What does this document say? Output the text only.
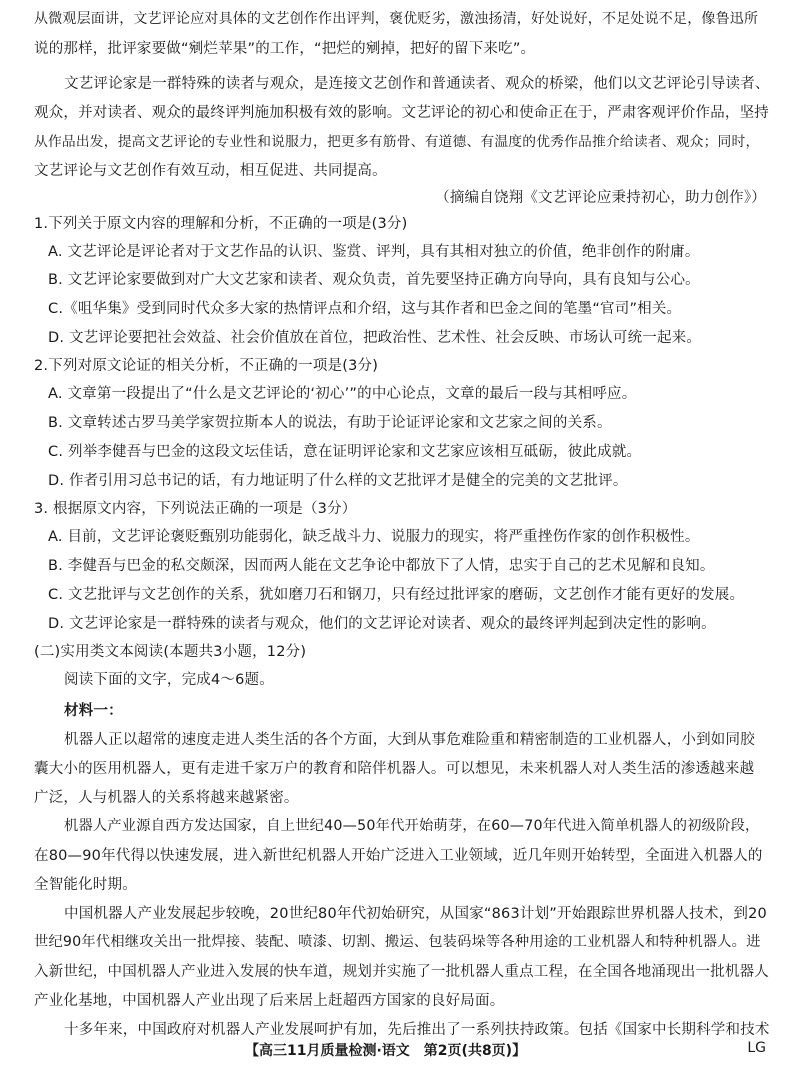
从微观层面讲，文艺评论应对具体的文艺创作作出评判，褒优贬劣，激浊扬清，好处说好，不足处说不足，像鲁迅所
说的那样，批评家要做“剜烂苹果”的工作，“把烂的剜掉，把好的留下来吃”。
文艺评论家是一群特殊的读者与观众，是连接文艺创作和普通读者、观众的桥梁，他们以文艺评论引导读者、
观众，并对读者、观众的最终评判施加积极有效的影响。文艺评论的初心和使命正在于，严肃客观评价作品，坚持
从作品出发，提高文艺评论的专业性和说服力，把更多有筋骨、有道德、有温度的优秀作品推介给读者、观众；同时，
文艺评论与文艺创作有效互动，相互促进、共同提高。
（摘编自饶翔《文艺评论应秉持初心，助力创作》）
1.下列关于原文内容的理解和分析，不正确的一项是(3分)
A. 文艺评论是评论者对于文艺作品的认识、鉴赏、评判，具有其相对独立的价值，绝非创作的附庸。
B. 文艺评论家要做到对广大文艺家和读者、观众负责，首先要坚持正确方向导向，具有良知与公心。
C.《咀华集》受到同时代众多大家的热情评点和介绍，这与其作者和巴金之间的笔墨“官司”相关。
D. 文艺评论要把社会效益、社会价值放在首位，把政治性、艺术性、社会反映、市场认可统一起来。
2.下列对原文论证的相关分析，不正确的一项是(3分)
A. 文章第一段提出了“什么是文艺评论的‘初心’”的中心论点，文章的最后一段与其相呼应。
B. 文章转述古罗马美学家贺拉斯本人的说法，有助于论证评论家和文艺家之间的关系。
C. 列举李健吾与巴金的这段文坛佳话，意在证明评论家和文艺家应该相互砥砺，彼此成就。
D. 作者引用习总书记的话，有力地证明了什么样的文艺批评才是健全的完美的文艺批评。
3. 根据原文内容，下列说法正确的一项是（3分）
A. 目前，文艺评论褒贬甄别功能弱化，缺乏战斗力、说服力的现实，将严重挫伤作家的创作积极性。
B. 李健吾与巴金的私交颇深，因而两人能在文艺争论中都放下了人情，忠实于自己的艺术见解和良知。
C. 文艺批评与文艺创作的关系，犹如磨刀石和钢刀，只有经过批评家的磨砺，文艺创作才能有更好的发展。
D. 文艺评论家是一群特殊的读者与观众，他们的文艺评论对读者、观众的最终评判起到决定性的影响。
(二)实用类文本阅读(本题共3小题，12分)
阅读下面的文字，完成4～6题。
材料一：
机器人正以超常的速度走进人类生活的各个方面，大到从事危难险重和精密制造的工业机器人，小到如同胶
囊大小的医用机器人，更有走进千家万户的教育和陪伴机器人。可以想见，未来机器人对人类生活的渗透越来越
广泛，人与机器人的关系将越来越紧密。
机器人产业源自西方发达国家，自上世纪40—50年代开始萌芽，在60—70年代进入简单机器人的初级阶段，
在80—90年代得以快速发展，进入新世纪机器人开始广泛进入工业领域，近几年则开始转型，全面进入机器人的
全智能化时期。
中国机器人产业发展起步较晚，20世纪80年代初始研究，从国家“863计划”开始跟踪世界机器人技术，到20
世纪90年代相继攻关出一批焊接、装配、喷漆、切割、搬运、包装码垛等各种用途的工业机器人和特种机器人。进
入新世纪，中国机器人产业进入发展的快车道，规划并实施了一批机器人重点工程，在全国各地涌现出一批机器人
产业化基地，中国机器人产业出现了后来居上赶超西方国家的良好局面。
十多年来，中国政府对机器人产业发展呵护有加，先后推出了一系列扶持政策。包括《国家中长期科学和技术
【高三11月质量检测·语文　第2页(共8页)】	LG
